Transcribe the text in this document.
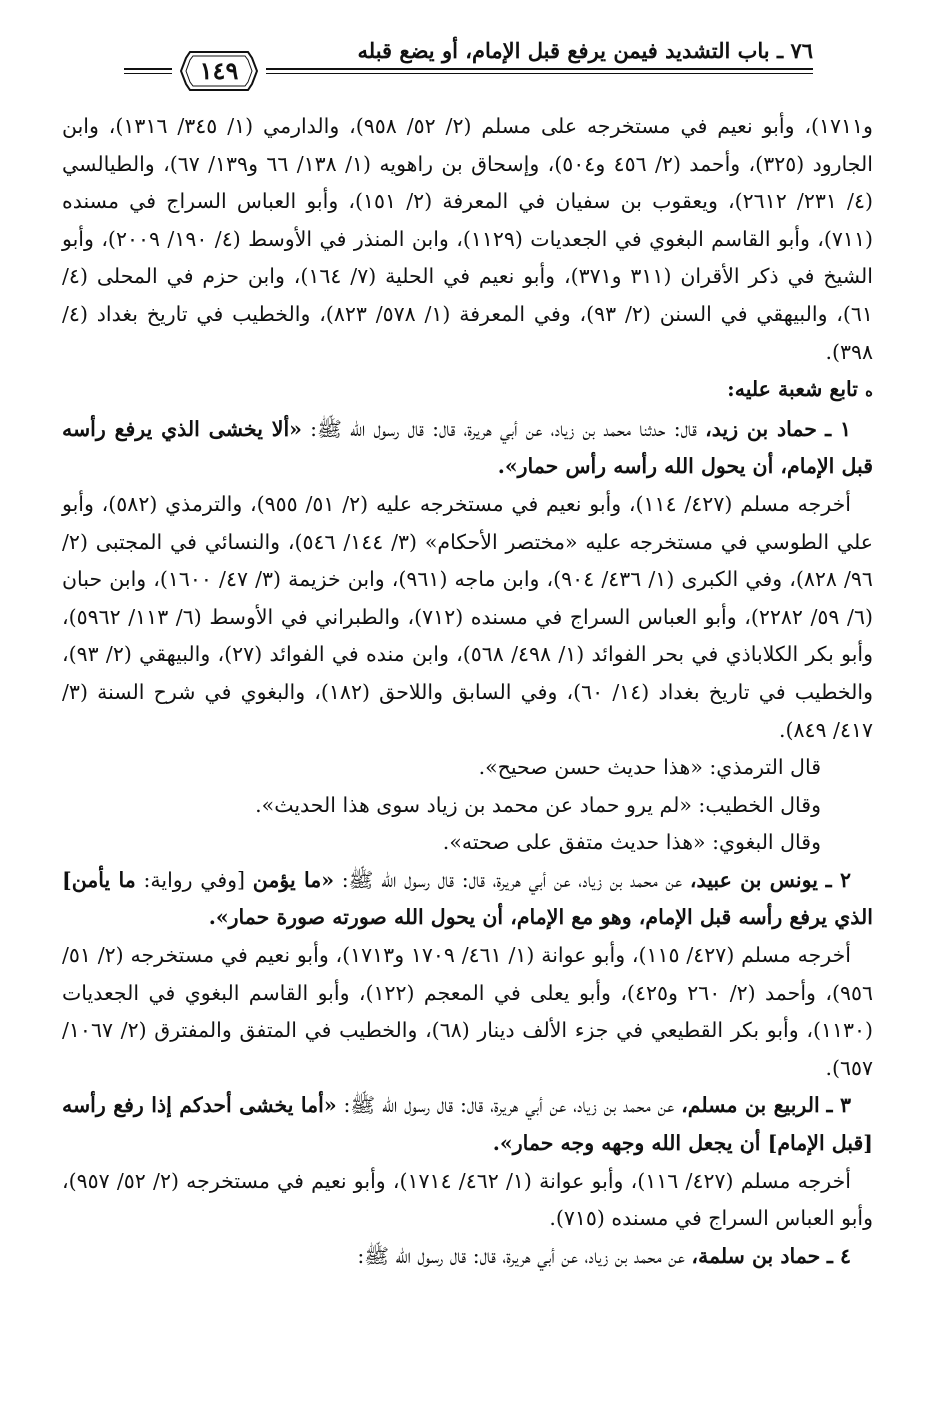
٧٦ ـ باب التشديد فيمن يرفع قبل الإمام، أو يضع قبله
١٤٩

و١٧١١)، وأبو نعيم في مستخرجه على مسلم (٢/ ٥٢/ ٩٥٨)، والدارمي (١/ ٣٤٥/ ١٣١٦)، وابن الجارود (٣٢٥)، وأحمد (٢/ ٤٥٦ و٥٠٤)، وإسحاق بن راهويه (١/ ١٣٨/ ٦٦ و١٣٩/ ٦٧)، والطيالسي (٤/ ٢٣١/ ٢٦١٢)، ويعقوب بن سفيان في المعرفة (٢/ ١٥١)، وأبو العباس السراج في مسنده (٧١١)، وأبو القاسم البغوي في الجعديات (١١٢٩)، وابن المنذر في الأوسط (٤/ ١٩٠/ ٢٠٠٩)، وأبو الشيخ في ذكر الأقران (٣١١ و٣٧١)، وأبو نعيم في الحلية (٧/ ١٦٤)، وابن حزم في المحلى (٤/ ٦١)، والبيهقي في السنن (٢/ ٩٣)، وفي المعرفة (١/ ٥٧٨/ ٨٢٣)، والخطيب في تاريخ بغداد (٤/ ٣٩٨).

ﻩ تابع شعبة عليه:

١ ـ حماد بن زيد، قال: حدثنا محمد بن زياد، عن أبي هريرة، قال: قال رسول الله ﷺ: «ألا يخشى الذي يرفع رأسه قبل الإمام، أن يحول الله رأسه رأس حمار».

أخرجه مسلم (٤٢٧/ ١١٤)، وأبو نعيم في مستخرجه عليه (٢/ ٥١/ ٩٥٥)، والترمذي (٥٨٢)، وأبو علي الطوسي في مستخرجه عليه «مختصر الأحكام» (٣/ ١٤٤/ ٥٤٦)، والنسائي في المجتبى (٢/ ٩٦/ ٨٢٨)، وفي الكبرى (١/ ٤٣٦/ ٩٠٤)، وابن ماجه (٩٦١)، وابن خزيمة (٣/ ٤٧/ ١٦٠٠)، وابن حبان (٦/ ٥٩/ ٢٢٨٢)، وأبو العباس السراج في مسنده (٧١٢)، والطبراني في الأوسط (٦/ ١١٣/ ٥٩٦٢)، وأبو بكر الكلاباذي في بحر الفوائد (١/ ٤٩٨/ ٥٦٨)، وابن منده في الفوائد (٢٧)، والبيهقي (٢/ ٩٣)، والخطيب في تاريخ بغداد (١٤/ ٦٠)، وفي السابق واللاحق (١٨٢)، والبغوي في شرح السنة (٣/ ٤١٧/ ٨٤٩).

قال الترمذي: «هذا حديث حسن صحيح».

وقال الخطيب: «لم يرو حماد عن محمد بن زياد سوى هذا الحديث».

وقال البغوي: «هذا حديث متفق على صحته».

٢ ـ يونس بن عبيد، عن محمد بن زياد، عن أبي هريرة، قال: قال رسول الله ﷺ: «ما يؤمن [وفي رواية: ما يأمن] الذي يرفع رأسه قبل الإمام، وهو مع الإمام، أن يحول الله صورته صورة حمار».

أخرجه مسلم (٤٢٧/ ١١٥)، وأبو عوانة (١/ ٤٦١/ ١٧٠٩ و١٧١٣)، وأبو نعيم في مستخرجه (٢/ ٥١/ ٩٥٦)، وأحمد (٢/ ٢٦٠ و٤٢٥)، وأبو يعلى في المعجم (١٢٢)، وأبو القاسم البغوي في الجعديات (١١٣٠)، وأبو بكر القطيعي في جزء الألف دينار (٦٨)، والخطيب في المتفق والمفترق (٢/ ١٠٦٧/ ٦٥٧).

٣ ـ الربيع بن مسلم، عن محمد بن زياد، عن أبي هريرة، قال: قال رسول الله ﷺ: «أما يخشى أحدكم إذا رفع رأسه [قبل الإمام] أن يجعل الله وجهه وجه حمار».

أخرجه مسلم (٤٢٧/ ١١٦)، وأبو عوانة (١/ ٤٦٢/ ١٧١٤)، وأبو نعيم في مستخرجه (٢/ ٥٢/ ٩٥٧)، وأبو العباس السراج في مسنده (٧١٥).

٤ ـ حماد بن سلمة، عن محمد بن زياد، عن أبي هريرة، قال: قال رسول الله ﷺ:
